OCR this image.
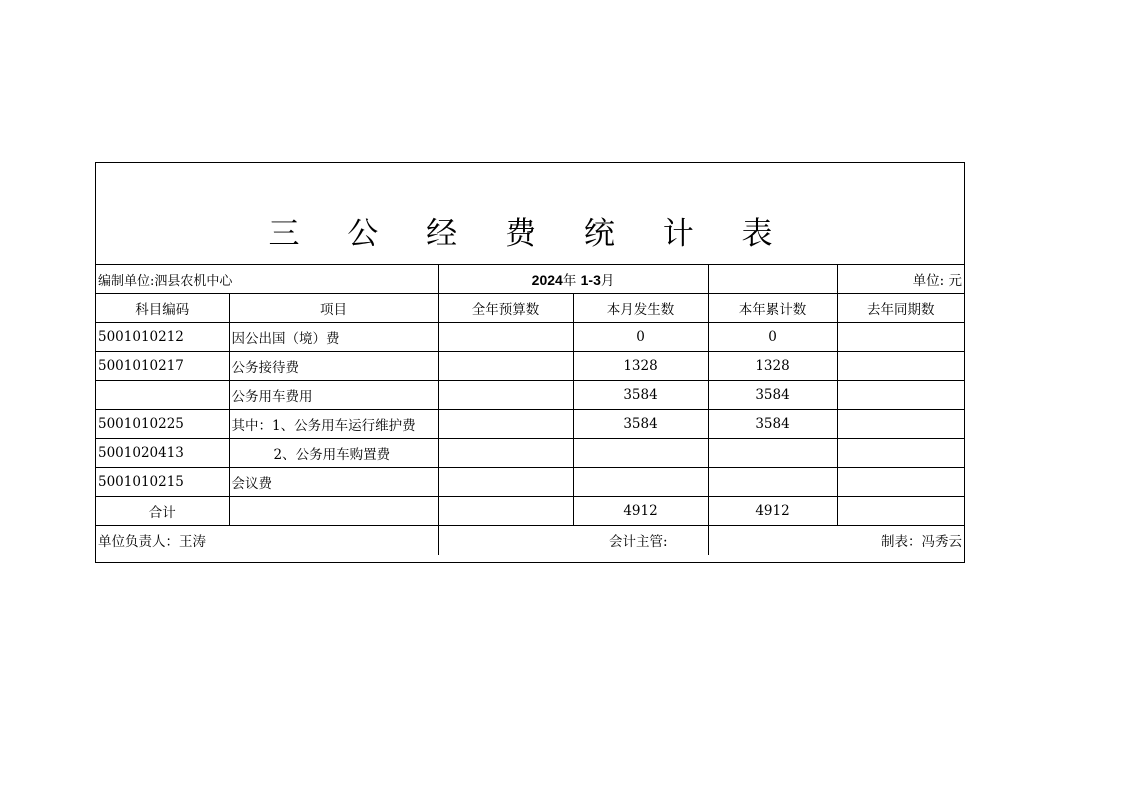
三 公 经 费 统 计 表
编制单位:泗县农机中心		2024年 1-3月			单位: 元
科目编码	项目	全年预算数	本月发生数	本年累计数	去年同期数
5001010212	因公出国（境）费		0	0	
5001010217	公务接待费		1328	1328	
	公务用车费用		3584	3584	
5001010225	其中：1、公务用车运行维护费		3584	3584	
5001020413	2、公务用车购置费				
5001010215	会议费				
合计			4912	4912	
单位负责人：王涛		会计主管:		制表：冯秀云	
